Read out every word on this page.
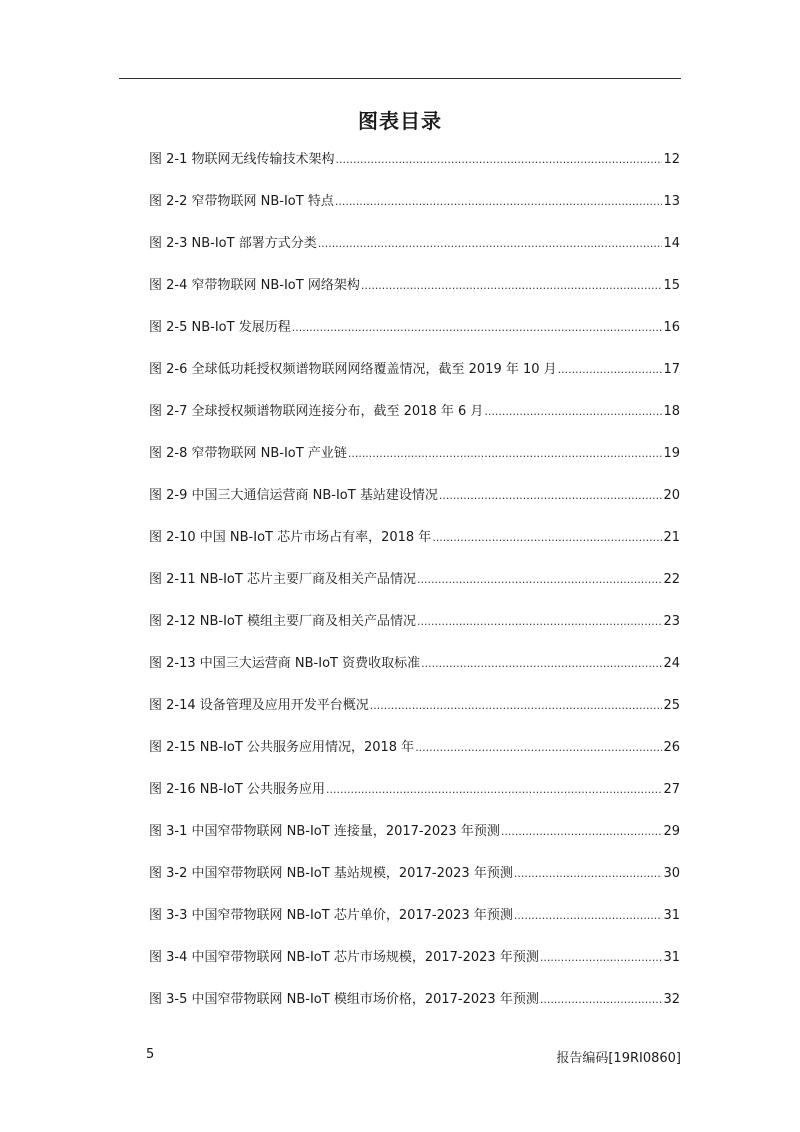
图表目录
图 2-1 物联网无线传输技术架构 .....	12
图 2-2 窄带物联网 NB-IoT 特点 .....	13
图 2-3 NB-IoT 部署方式分类 .....	14
图 2-4 窄带物联网 NB-IoT 网络架构 .....	15
图 2-5 NB-IoT 发展历程 .....	16
图 2-6 全球低功耗授权频谱物联网网络覆盖情况，截至 2019 年 10 月 .....	17
图 2-7 全球授权频谱物联网连接分布，截至 2018 年 6 月 .....	18
图 2-8 窄带物联网 NB-IoT 产业链 .....	19
图 2-9 中国三大通信运营商 NB-IoT 基站建设情况 .....	20
图 2-10 中国 NB-IoT 芯片市场占有率，2018 年 .....	21
图 2-11 NB-IoT 芯片主要厂商及相关产品情况 .....	22
图 2-12 NB-IoT 模组主要厂商及相关产品情况 .....	23
图 2-13 中国三大运营商 NB-IoT 资费收取标准 .....	24
图 2-14 设备管理及应用开发平台概况 .....	25
图 2-15 NB-IoT 公共服务应用情况，2018 年 .....	26
图 2-16 NB-IoT 公共服务应用 .....	27
图 3-1 中国窄带物联网 NB-IoT 连接量，2017-2023 年预测 .....	29
图 3-2 中国窄带物联网 NB-IoT 基站规模，2017-2023 年预测 .....	30
图 3-3 中国窄带物联网 NB-IoT 芯片单价，2017-2023 年预测 .....	31
图 3-4 中国窄带物联网 NB-IoT 芯片市场规模，2017-2023 年预测 .....	31
图 3-5 中国窄带物联网 NB-IoT 模组市场价格，2017-2023 年预测 .....	32
5	报告编码[19RI0860]
